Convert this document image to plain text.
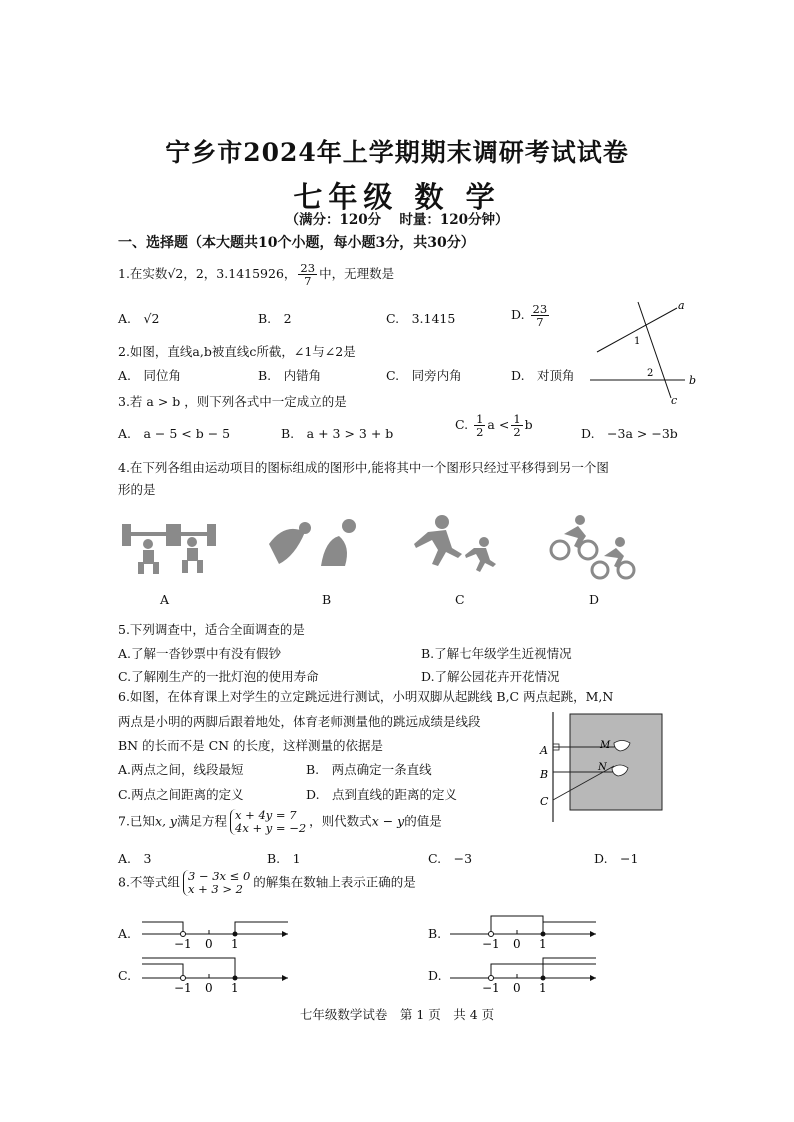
宁乡市2024年上学期期末调研考试试卷
七年级 数 学
（满分：120分　 时量：120分钟）
一、选择题（本大题共10个小题，每小题3分，共30分）
1.在实数√2，2，3.1415926， $\frac{23}{7}$ 中，无理数是
A.　√2	B.　2	C.　3.1415	D. $\frac{23}{7}$	a
b
c
1
2
2.如图，直线a,b被直线c所截，∠1与∠2是
A.　同位角	B.　内错角	C.　同旁内角	D.　对顶角
3.若 a > b ，则下列各式中一定成立的是
A.　a − 5 < b − 5	B.　a + 3 > 3 + b
C. $\frac{1}{2}$ $a < \frac{1}{2}$ b
D.　−3a > −3b
4.在下列各组由运动项目的图标组成的图形中,能将其中一个图形只经过平移得到另一个图
形的是
A	B	C	D
5.下列调查中，适合全面调查的是
A.了解一沓钞票中有没有假钞	B.了解七年级学生近视情况
C.了解刚生产的一批灯泡的使用寿命	D.了解公园花卉开花情况
6.如图，在体育课上对学生的立定跳远进行测试，小明双脚从起跳线 B,C 两点起跳，M,N
两点是小明的两脚后跟着地处，体育老师测量他的跳远成绩是线段
BN 的长而不是 CN 的长度，这样测量的依据是
A.两点之间，线段最短	B.　两点确定一条直线
C.两点之间距离的定义	D.　点到直线的距离的定义
A
B
C
M
N
7.已知x, y满足方程 x + 4y = 7
4x + y = −2 ，则代数式x − y的值是
A.　3	B.　1	C.　−3	D.　−1
8.不等式组 3 − 3x ≤ 0
x + 3 > 2 的解集在数轴上表示正确的是
A.
−1 0 1
B.
−1 0 1
C.
−1 0 1
D.
−1 0 1
七年级数学试卷　第 1 页　共 4 页
